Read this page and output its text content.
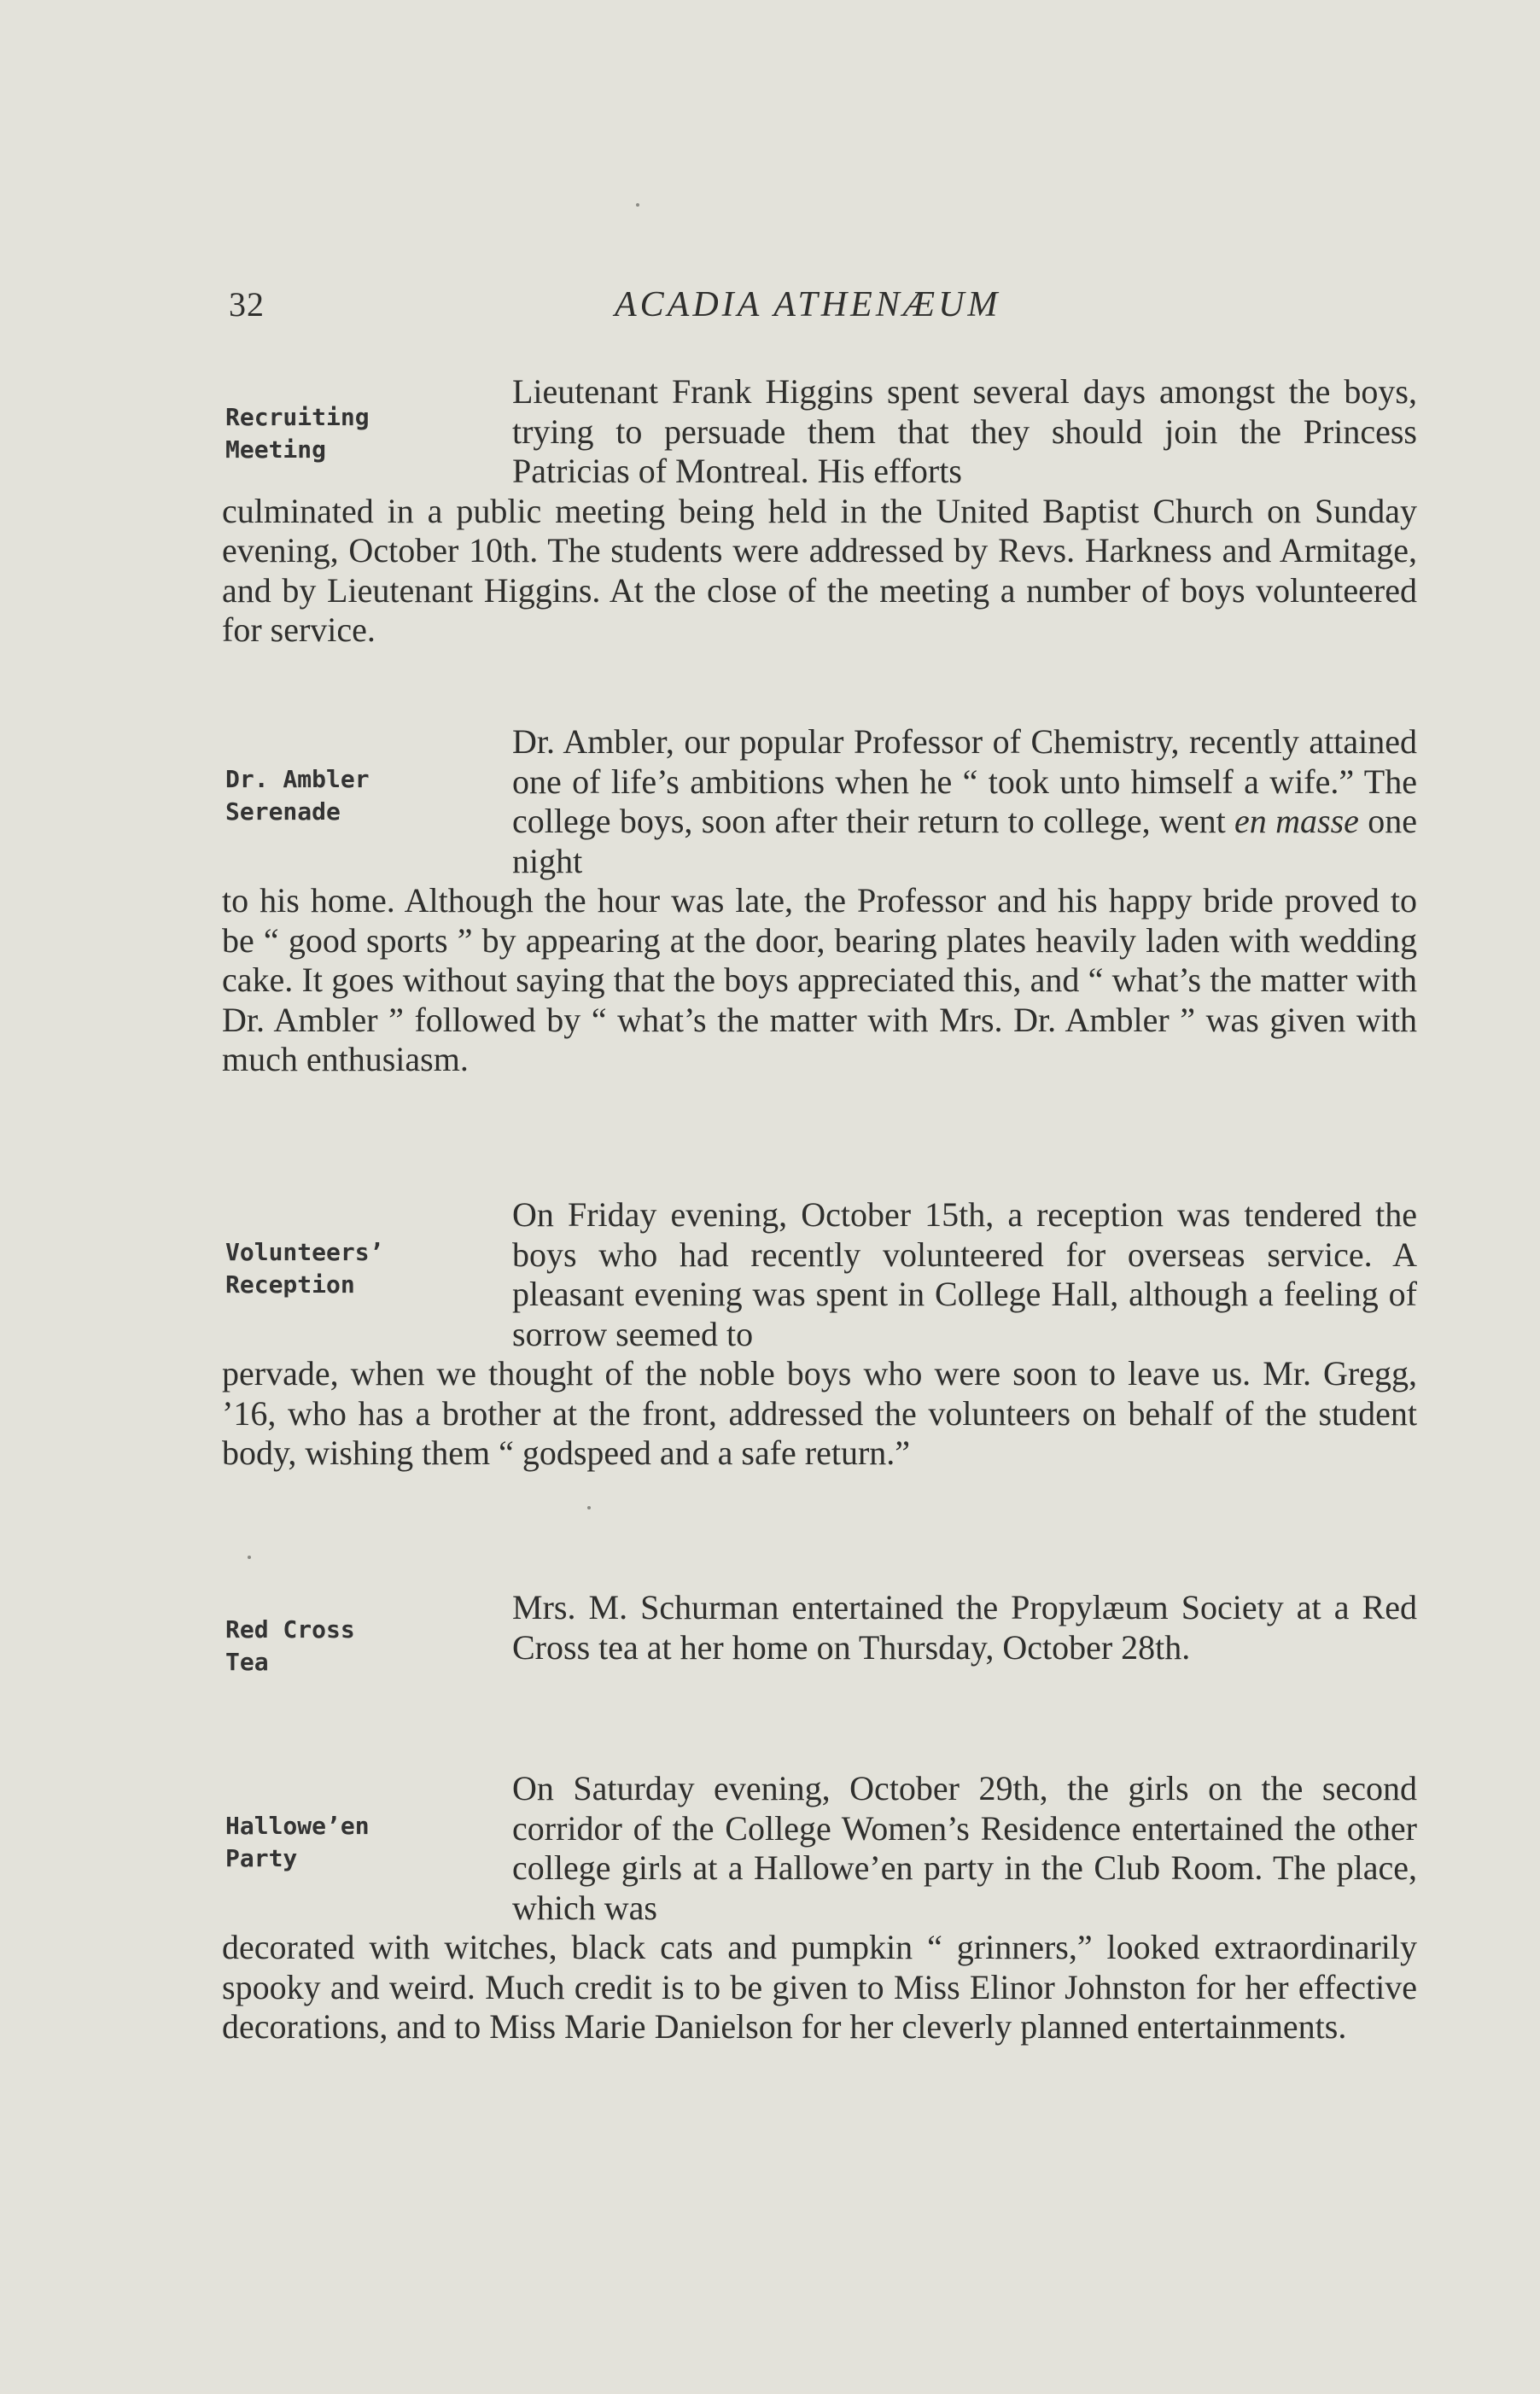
32	ACADIA ATHENÆUM
Recruiting
Meeting

Lieutenant Frank Higgins spent several days amongst the boys, trying to persuade them that they should join the Princess Patricias of Montreal. His efforts

culminated in a public meeting being held in the United Baptist Church on Sunday evening, October 10th. The students were addressed by Revs. Harkness and Armitage, and by Lieutenant Higgins. At the close of the meeting a number of boys volunteered for service.

Dr. Ambler
Serenade

Dr. Ambler, our popular Professor of Chemistry, recently attained one of life’s ambitions when he “ took unto himself a wife.” The college boys, soon after their return to college, went en masse one night

to his home. Although the hour was late, the Professor and his happy bride proved to be “ good sports ” by appearing at the door, bearing plates heavily laden with wedding cake. It goes without saying that the boys appreciated this, and “ what’s the matter with Dr. Ambler ” followed by “ what’s the matter with Mrs. Dr. Ambler ” was given with much enthusiasm.

Volunteers’
Reception

On Friday evening, October 15th, a reception was tendered the boys who had recently volunteered for overseas service. A pleasant evening was spent in College Hall, although a feeling of sorrow seemed to

pervade, when we thought of the noble boys who were soon to leave us. Mr. Gregg, ’16, who has a brother at the front, addressed the volunteers on behalf of the student body, wishing them “ godspeed and a safe return.”

Red Cross
Tea

Mrs. M. Schurman entertained the Propylæum Society at a Red Cross tea at her home on Thursday, October 28th.

Hallowe’en
Party

On Saturday evening, October 29th, the girls on the second corridor of the College Women’s Residence entertained the other college girls at a Hallowe’en party in the Club Room. The place, which was

decorated with witches, black cats and pumpkin “ grinners,” looked extraordinarily spooky and weird. Much credit is to be given to Miss Elinor Johnston for her effective decorations, and to Miss Marie Danielson for her cleverly planned entertainments.
